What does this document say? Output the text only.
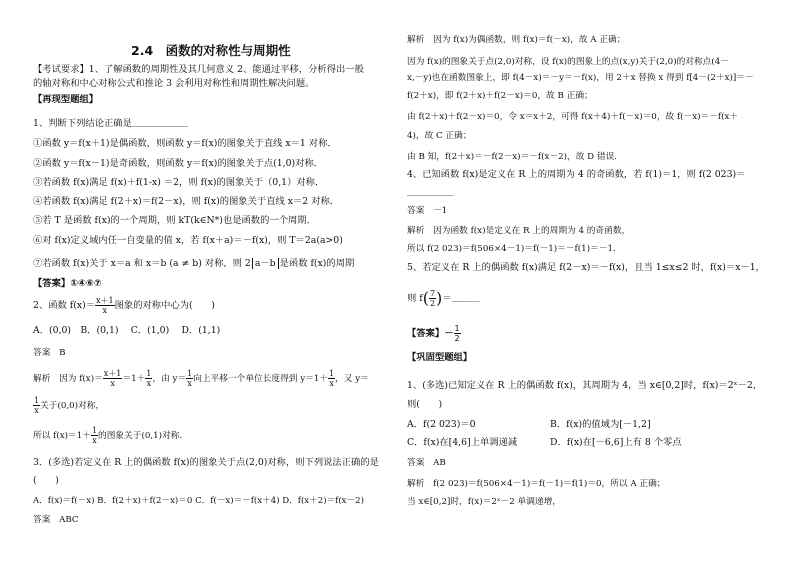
2.4　函数的对称性与周期性
【考试要求】1、了解函数的周期性及其几何意义 2、能通过平移，分析得出一般
的轴对称和中心对称公式和推论 3 会利用对称性和周期性解决问题。
【再现型题组】
1、判断下列结论正确是＿＿＿＿＿＿
①函数 y＝f(x＋1)是偶函数，则函数 y＝f(x)的图象关于直线 x＝1 对称．
②函数 y＝f(x－1)是奇函数，则函数 y＝f(x)的图象关于点(1,0)对称．
③若函数 f(x)满足 f(x)＋f(1-x) ＝2，则 f(x)的图象关于（0,1）对称．
④若函数 f(x)满足 f(2＋x)＝f(2－x)，则 f(x)的图象关于直线 x＝2 对称．
⑤若 T 是函数 f(x)的一个周期，则 kT(k∈N*)也是函数的一个周期．
⑥对 f(x)定义域内任一自变量的值 x，若 f(x＋a)＝－f(x)，则 T＝2a(a>0)
⑦若函数 f(x)关于 x＝a 和 x＝b (a ≠ b) 对称，则 2 a－b 是函数 f(x)的周期
【答案】①④⑥⑦
2、函数 $f(x)= \frac{x+1}{x}$ 图象的对称中心为(　　)
A．(0,0)　B．(0,1)　 C．(1,0)　 D．(1,1)
答案　B
解析　因为 $f(x)= \frac{x+1}{x} =1+ \frac{1}{x}$ ，由 $y= \frac{1}{x}$ 向上平移一个单位长度得到 $y=1+ \frac{1}{x}$ ，又 y＝
$\frac{1}{x}$ 关于(0,0)对称，
所以 $f(x)=1+ \frac{1}{x}$ 的图象关于(0,1)对称．
3．(多选)若定义在 R 上的偶函数 f(x)的图象关于点(2,0)对称，则下列说法正确的是
(　　)
A．f(x)＝f(－x) B．f(2＋x)＋f(2－x)＝0 C．f(－x)＝－f(x＋4) D．f(x＋2)＝f(x－2)
答案　ABC
解析　因为 f(x)为偶函数，则 f(x)＝f(－x)，故 A 正确；
因为 f(x)的图象关于点(2,0)对称，设 f(x)的图象上的点(x,y)关于(2,0)的对称点(4－
x,－y)也在函数图象上，即 f(4－x)＝－y＝－f(x)，用 2＋x 替换 x 得到 f[4－(2＋x)]＝－
f(2＋x)，即 f(2＋x)＋f(2－x)＝0，故 B 正确；
由 f(2＋x)＋f(2－x)＝0，令 x＝x＋2，可得 f(x＋4)＋f(－x)＝0，故 f(－x)＝－f(x＋
4)，故 C 正确；
由 B 知，f(2＋x)＝－f(2－x)＝－f(x－2)，故 D 错误．
4、已知函数 f(x)是定义在 R 上的周期为 4 的奇函数，若 f(1)＝1，则 f(2 023)＝
＿＿＿＿＿
答案　－1
解析　因为函数 f(x)是定义在 R 上的周期为 4 的奇函数，
所以 f(2 023)＝f(506×4－1)＝f(－1)＝－f(1)＝－1.
5、若定义在 R 上的偶函数 f(x)满足 f(2－x)＝－f(x)，且当 1≤x≤2 时，f(x)＝x－1，
则 $f( \frac{7}{2}$ )＝＿＿＿
【答案】－ $\frac{1}{2}$
【巩固型题组】
1、(多选)已知定义在 R 上的偶函数 f(x)，其周期为 4，当 x∈[0,2]时，f(x)＝2ˣ－2，
则(　　)
A．f(2 023)＝0	B．f(x)的值域为[－1,2]
C．f(x)在[4,6]上单调递减	D．f(x)在[－6,6]上有 8 个零点
答案　AB
解析　f(2 023)＝f(506×4－1)＝f(－1)＝f(1)＝0，所以 A 正确；
当 x∈[0,2]时，f(x)＝2ˣ－2 单调递增，
